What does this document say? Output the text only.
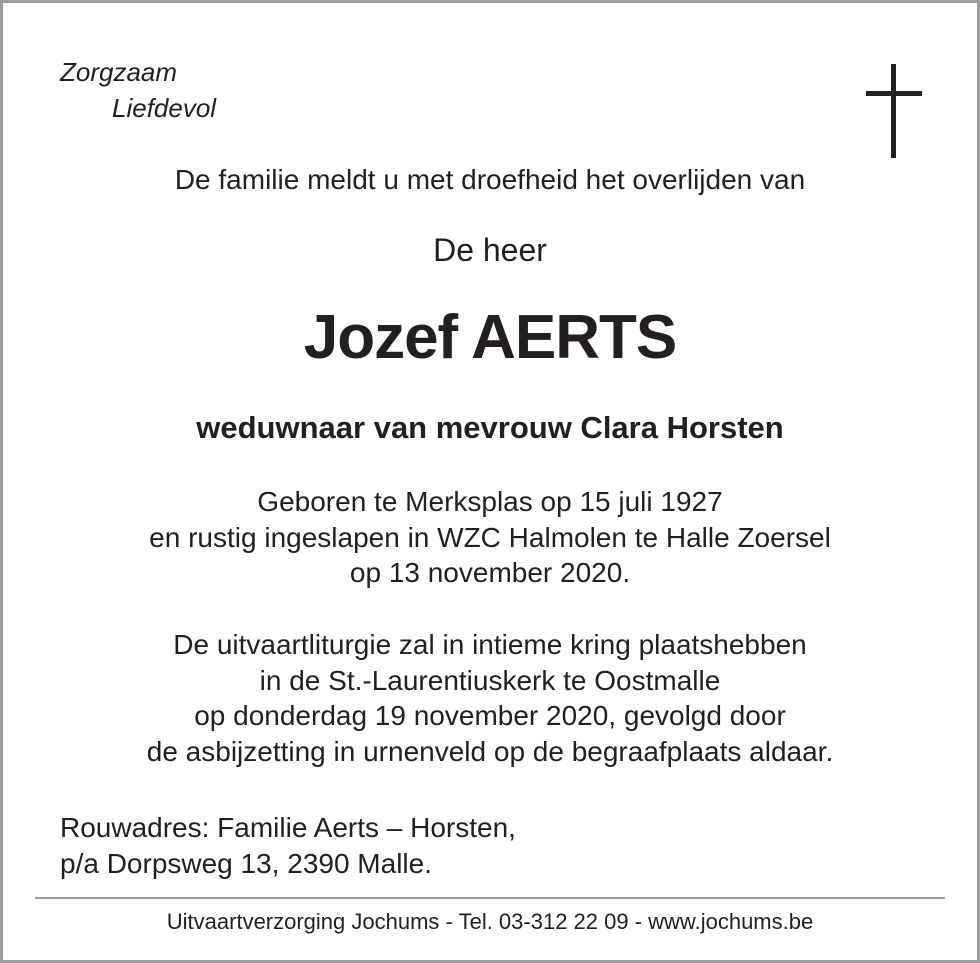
Zorgzaam
Liefdevol
De familie meldt u met droefheid het overlijden van
De heer
Jozef AERTS
weduwnaar van mevrouw Clara Horsten
Geboren te Merksplas op 15 juli 1927
en rustig ingeslapen in WZC Halmolen te Halle Zoersel
op 13 november 2020.
De uitvaartliturgie zal in intieme kring plaatshebben
in de St.-Laurentiuskerk te Oostmalle
op donderdag 19 november 2020, gevolgd door
de asbijzetting in urnenveld op de begraafplaats aldaar.
Rouwadres: Familie Aerts – Horsten,
p/a Dorpsweg 13, 2390 Malle.
Uitvaartverzorging Jochums - Tel. 03-312 22 09 - www.jochums.be
